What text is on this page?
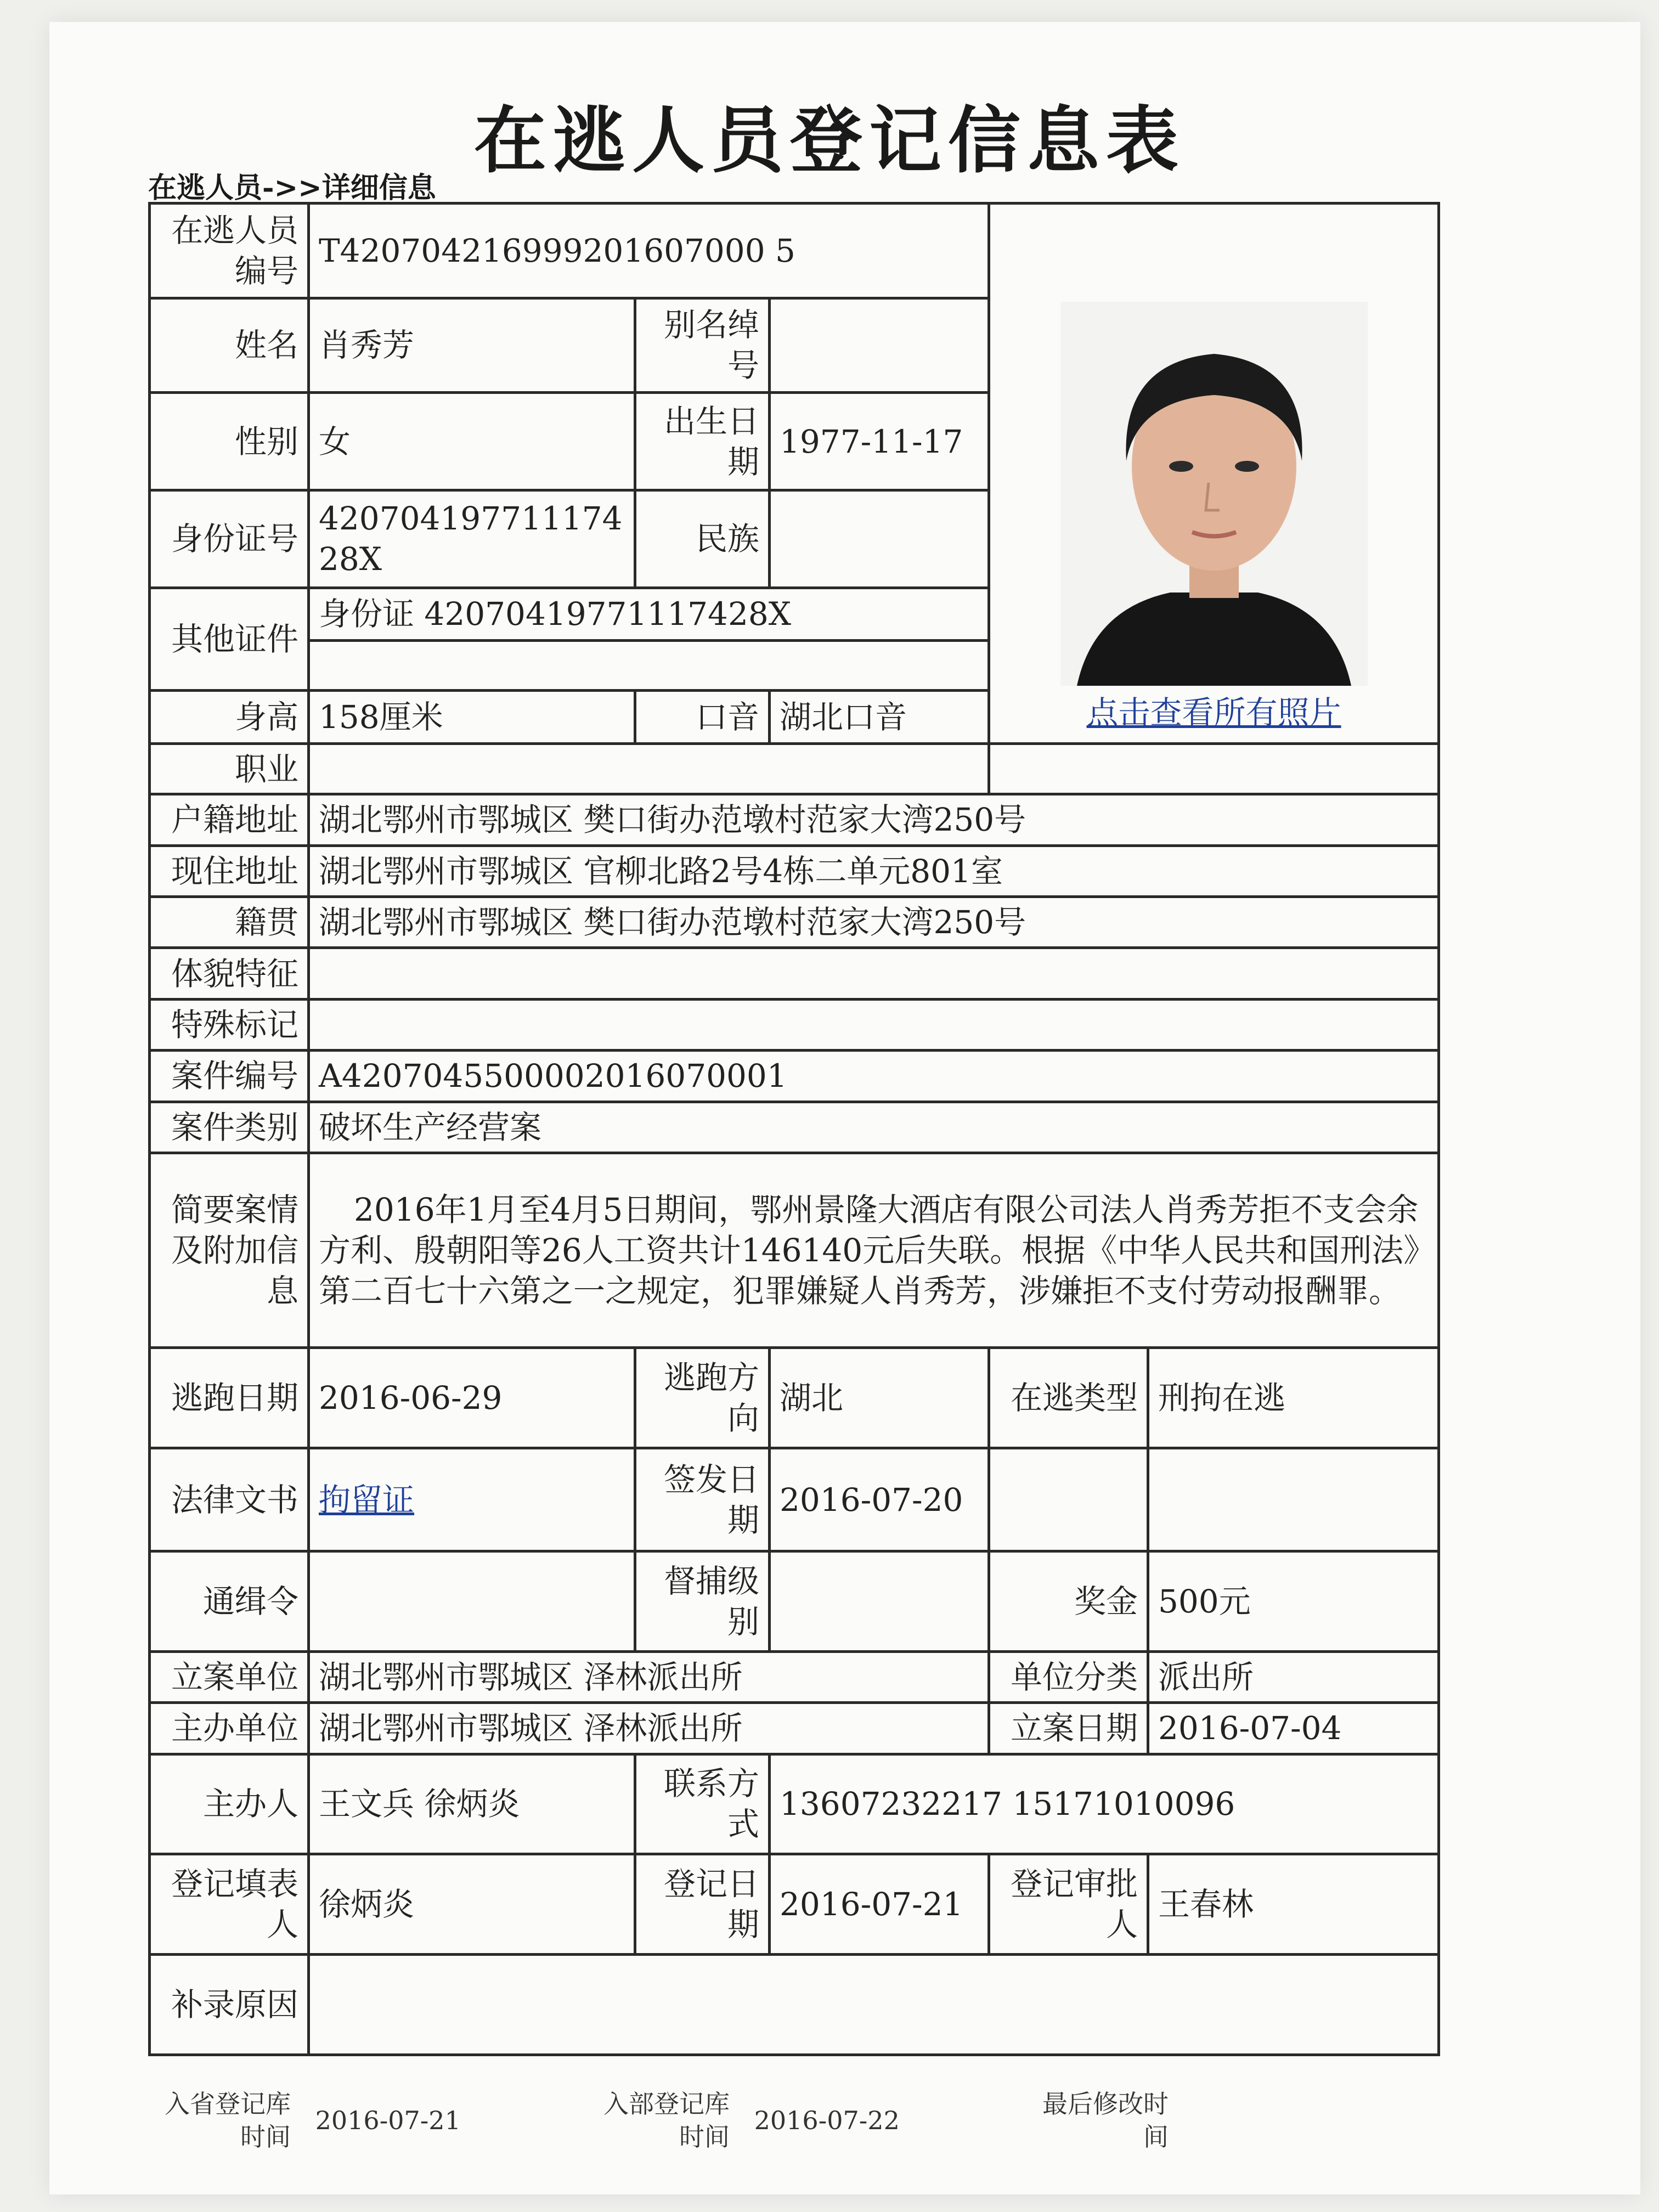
在逃人员登记信息表
在逃人员->>详细信息
在逃人员编号	T420704216999201607000 5			点击查看所有照片	

姓名	肖秀芳	别名绰号			
性别	女	出生日期	1977-11-17		
身份证号	42070419771117428X	民族			
其他证件	身份证 42070419771117428X				

身高	158厘米	口音	湖北口音		
职业					
户籍地址	湖北鄂州市鄂城区 樊口街办范墩村范家大湾250号				
现住地址	湖北鄂州市鄂城区 官柳北路2号4栋二单元801室				
籍贯	湖北鄂州市鄂城区 樊口街办范墩村范家大湾250号				
体貌特征					
特殊标记					
案件编号	A4207045500002016070001				
案件类别	破坏生产经营案				
简要案情及附加信息	2016年1月至4月5日期间，鄂州景隆大酒店有限公司法人肖秀芳拒不支会余方利、殷朝阳等26人工资共计146140元后失联。根据《中华人民共和国刑法》第二百七十六第之一之规定，犯罪嫌疑人肖秀芳，涉嫌拒不支付劳动报酬罪。				
逃跑日期	2016-06-29	逃跑方向	湖北	在逃类型	刑拘在逃
法律文书	拘留证	签发日期	2016-07-20		
通缉令		督捕级别		奖金	500元
立案单位	湖北鄂州市鄂城区 泽林派出所			单位分类	派出所
主办单位	湖北鄂州市鄂城区 泽林派出所			立案日期	2016-07-04
主办人	王文兵 徐炳炎	联系方式	13607232217 15171010096		
登记填表人	徐炳炎	登记日期	2016-07-21	登记审批人	王春林
补录原因					
入省登记库时间 2016-07-21
入部登记库时间 2016-07-22
最后修改时间
